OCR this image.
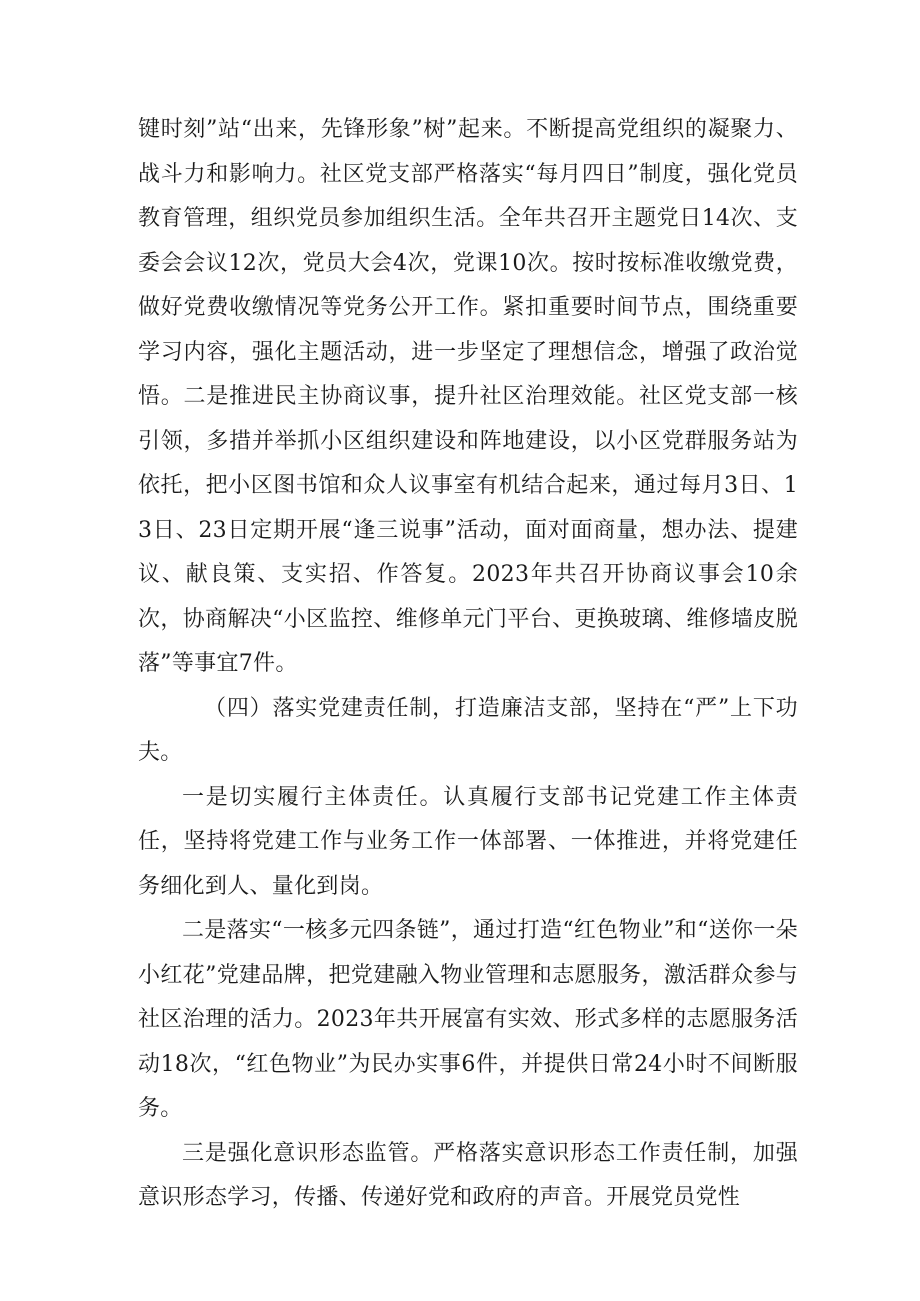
键时刻”站“出来，先锋形象”树”起来。不断提高党组织的凝聚力、战斗力和影响力。社区党支部严格落实“每月四日”制度，强化党员教育管理，组织党员参加组织生活。全年共召开主题党日14次、支委会会议12次，党员大会4次，党课10次。按时按标准收缴党费，做好党费收缴情况等党务公开工作。紧扣重要时间节点，围绕重要学习内容，强化主题活动，进一步坚定了理想信念，增强了政治觉悟。二是推进民主协商议事，提升社区治理效能。社区党支部一核引领，多措并举抓小区组织建设和阵地建设，以小区党群服务站为依托，把小区图书馆和众人议事室有机结合起来，通过每月3日、13日、23日定期开展“逢三说事”活动，面对面商量，想办法、提建议、献良策、支实招、作答复。2023年共召开协商议事会10余次，协商解决“小区监控、维修单元门平台、更换玻璃、维修墙皮脱落”等事宜7件。

（四）落实党建责任制，打造廉洁支部，坚持在“严”上下功夫。

一是切实履行主体责任。认真履行支部书记党建工作主体责任，坚持将党建工作与业务工作一体部署、一体推进，并将党建任务细化到人、量化到岗。

二是落实“一核多元四条链”，通过打造“红色物业”和“送你一朵小红花”党建品牌，把党建融入物业管理和志愿服务，激活群众参与社区治理的活力。2023年共开展富有实效、形式多样的志愿服务活动18次，“红色物业”为民办实事6件，并提供日常24小时不间断服务。

三是强化意识形态监管。严格落实意识形态工作责任制，加强意识形态学习，传播、传递好党和政府的声音。开展党员党性
